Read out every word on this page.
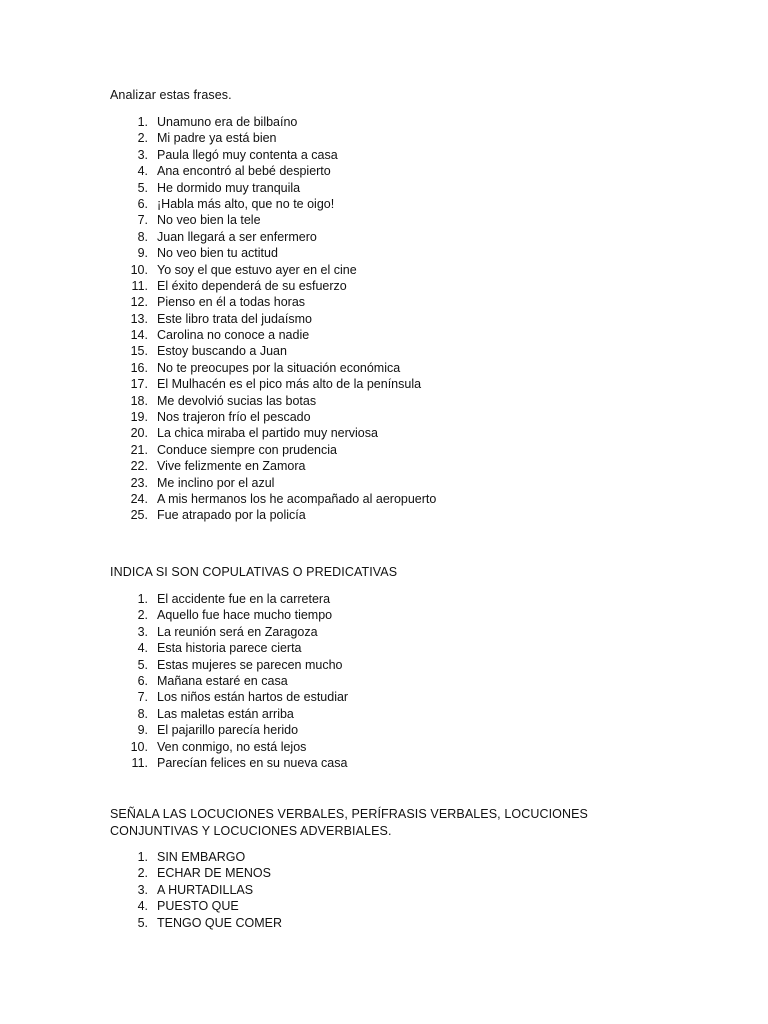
Analizar estas frases.

1. Unamuno era de bilbaíno
2. Mi padre ya está bien
3. Paula llegó muy contenta a casa
4. Ana encontró al bebé despierto
5. He dormido muy tranquila
6. ¡Habla más alto, que no te oigo!
7. No veo bien la tele
8. Juan llegará a ser enfermero
9. No veo bien tu actitud
10. Yo soy el que estuvo ayer en el cine
11. El éxito dependerá de su esfuerzo
12. Pienso en él a todas horas
13. Este libro trata del judaísmo
14. Carolina no conoce a nadie
15. Estoy buscando a Juan
16. No te preocupes por la situación económica
17. El Mulhacén es el pico más alto de la península
18. Me devolvió sucias las botas
19. Nos trajeron frío el pescado
20. La chica miraba el partido muy nerviosa
21. Conduce siempre con prudencia
22. Vive felizmente en Zamora
23. Me inclino por el azul
24. A mis hermanos los he acompañado al aeropuerto
25. Fue atrapado por la policía

INDICA SI SON COPULATIVAS O PREDICATIVAS

1. El accidente fue en la carretera
2. Aquello fue hace mucho tiempo
3. La reunión será en Zaragoza
4. Esta historia parece cierta
5. Estas mujeres se parecen mucho
6. Mañana estaré en casa
7. Los niños están hartos de estudiar
8. Las maletas están arriba
9. El pajarillo parecía herido
10. Ven conmigo, no está lejos
11. Parecían felices en su nueva casa

SEÑALA LAS LOCUCIONES VERBALES, PERÍFRASIS VERBALES, LOCUCIONES CONJUNTIVAS Y LOCUCIONES ADVERBIALES.

1. SIN EMBARGO
2. ECHAR DE MENOS
3. A HURTADILLAS
4. PUESTO QUE
5. TENGO QUE COMER
